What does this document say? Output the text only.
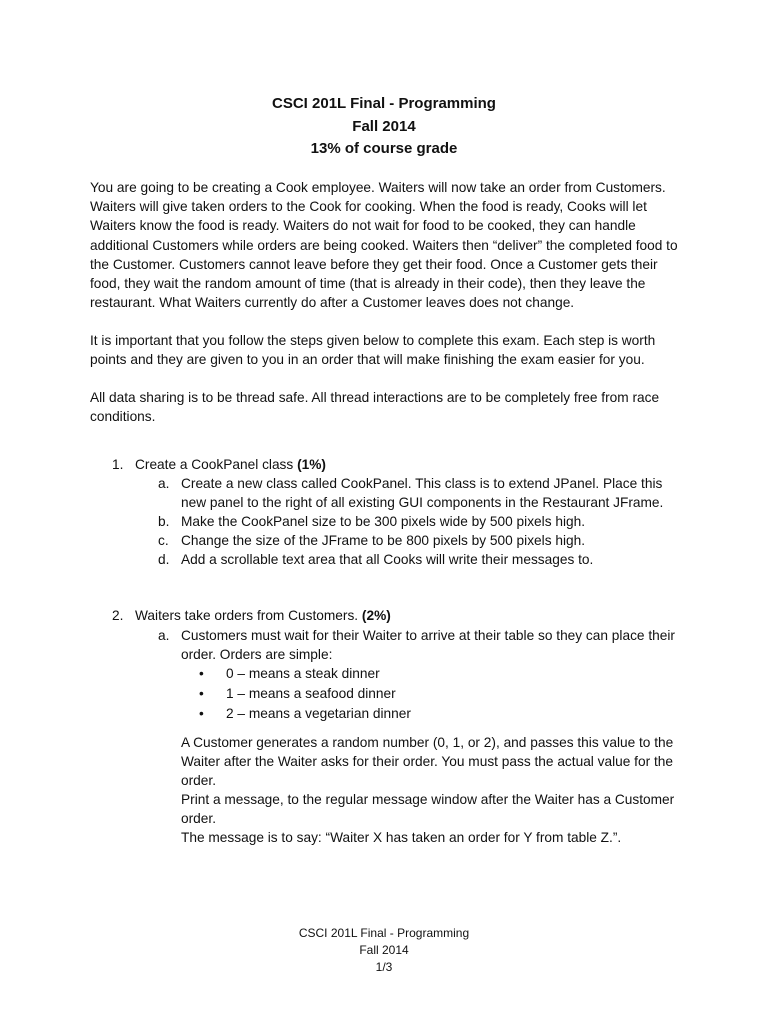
CSCI 201L Final - Programming
Fall 2014
13% of course grade

You are going to be creating a Cook employee. Waiters will now take an order from Customers. Waiters will give taken orders to the Cook for cooking. When the food is ready, Cooks will let Waiters know the food is ready. Waiters do not wait for food to be cooked, they can handle additional Customers while orders are being cooked. Waiters then “deliver” the completed food to the Customer. Customers cannot leave before they get their food. Once a Customer gets their food, they wait the random amount of time (that is already in their code), then they leave the restaurant. What Waiters currently do after a Customer leaves does not change.

It is important that you follow the steps given below to complete this exam. Each step is worth points and they are given to you in an order that will make finishing the exam easier for you.

All data sharing is to be thread safe. All thread interactions are to be completely free from race conditions.

1. Create a CookPanel class (1%)
a. Create a new class called CookPanel. This class is to extend JPanel. Place this new panel to the right of all existing GUI components in the Restaurant JFrame.
b. Make the CookPanel size to be 300 pixels wide by 500 pixels high.
c. Change the size of the JFrame to be 800 pixels by 500 pixels high.
d. Add a scrollable text area that all Cooks will write their messages to.
2. Waiters take orders from Customers. (2%)
a. Customers must wait for their Waiter to arrive at their table so they can place their order. Orders are simple:
• 0 – means a steak dinner
• 1 – means a seafood dinner
• 2 – means a vegetarian dinner

A Customer generates a random number (0, 1, or 2), and passes this value to the Waiter after the Waiter asks for their order. You must pass the actual value for the order.

Print a message, to the regular message window after the Waiter has a Customer order.

The message is to say: “Waiter X has taken an order for Y from table Z.”.

CSCI 201L Final - Programming
Fall 2014
1/3
